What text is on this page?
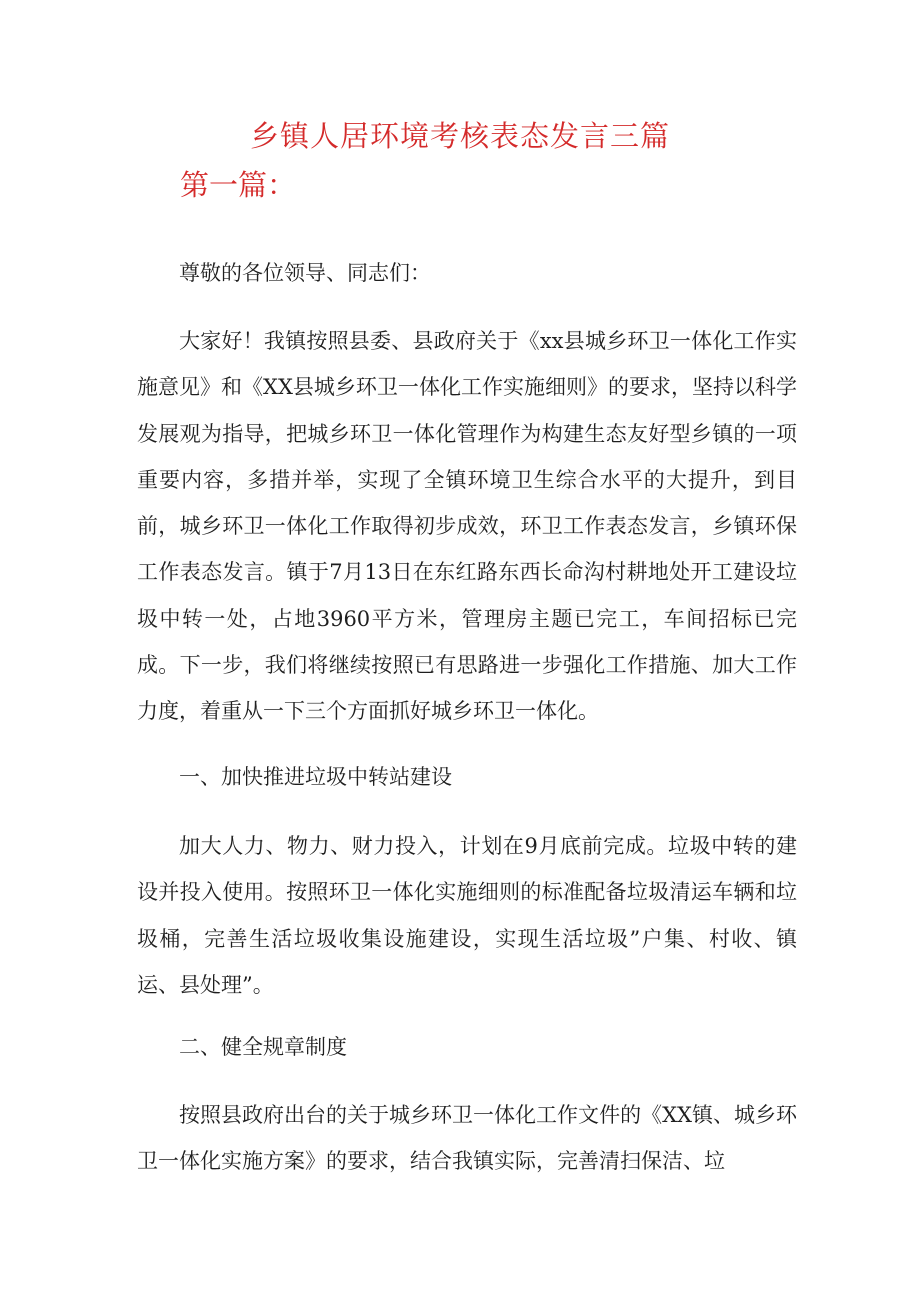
乡镇人居环境考核表态发言三篇
第一篇：

尊敬的各位领导、同志们：

大家好！我镇按照县委、县政府关于《xx县城乡环卫一体化工作实施意见》和《XX县城乡环卫一体化工作实施细则》的要求，坚持以科学发展观为指导，把城乡环卫一体化管理作为构建生态友好型乡镇的一项重要内容，多措并举，实现了全镇环境卫生综合水平的大提升，到目前，城乡环卫一体化工作取得初步成效，环卫工作表态发言，乡镇环保工作表态发言。镇于7月13日在东红路东西长命沟村耕地处开工建设垃圾中转一处，占地3960平方米，管理房主题已完工，车间招标已完成。下一步，我们将继续按照已有思路进一步强化工作措施、加大工作力度，着重从一下三个方面抓好城乡环卫一体化。

一、加快推进垃圾中转站建设

加大人力、物力、财力投入，计划在9月底前完成。垃圾中转的建设并投入使用。按照环卫一体化实施细则的标准配备垃圾清运车辆和垃圾桶，完善生活垃圾收集设施建设，实现生活垃圾”户集、村收、镇运、县处理”。

二、健全规章制度

按照县政府出台的关于城乡环卫一体化工作文件的《XX镇、城乡环卫一体化实施方案》的要求，结合我镇实际，完善清扫保洁、垃
